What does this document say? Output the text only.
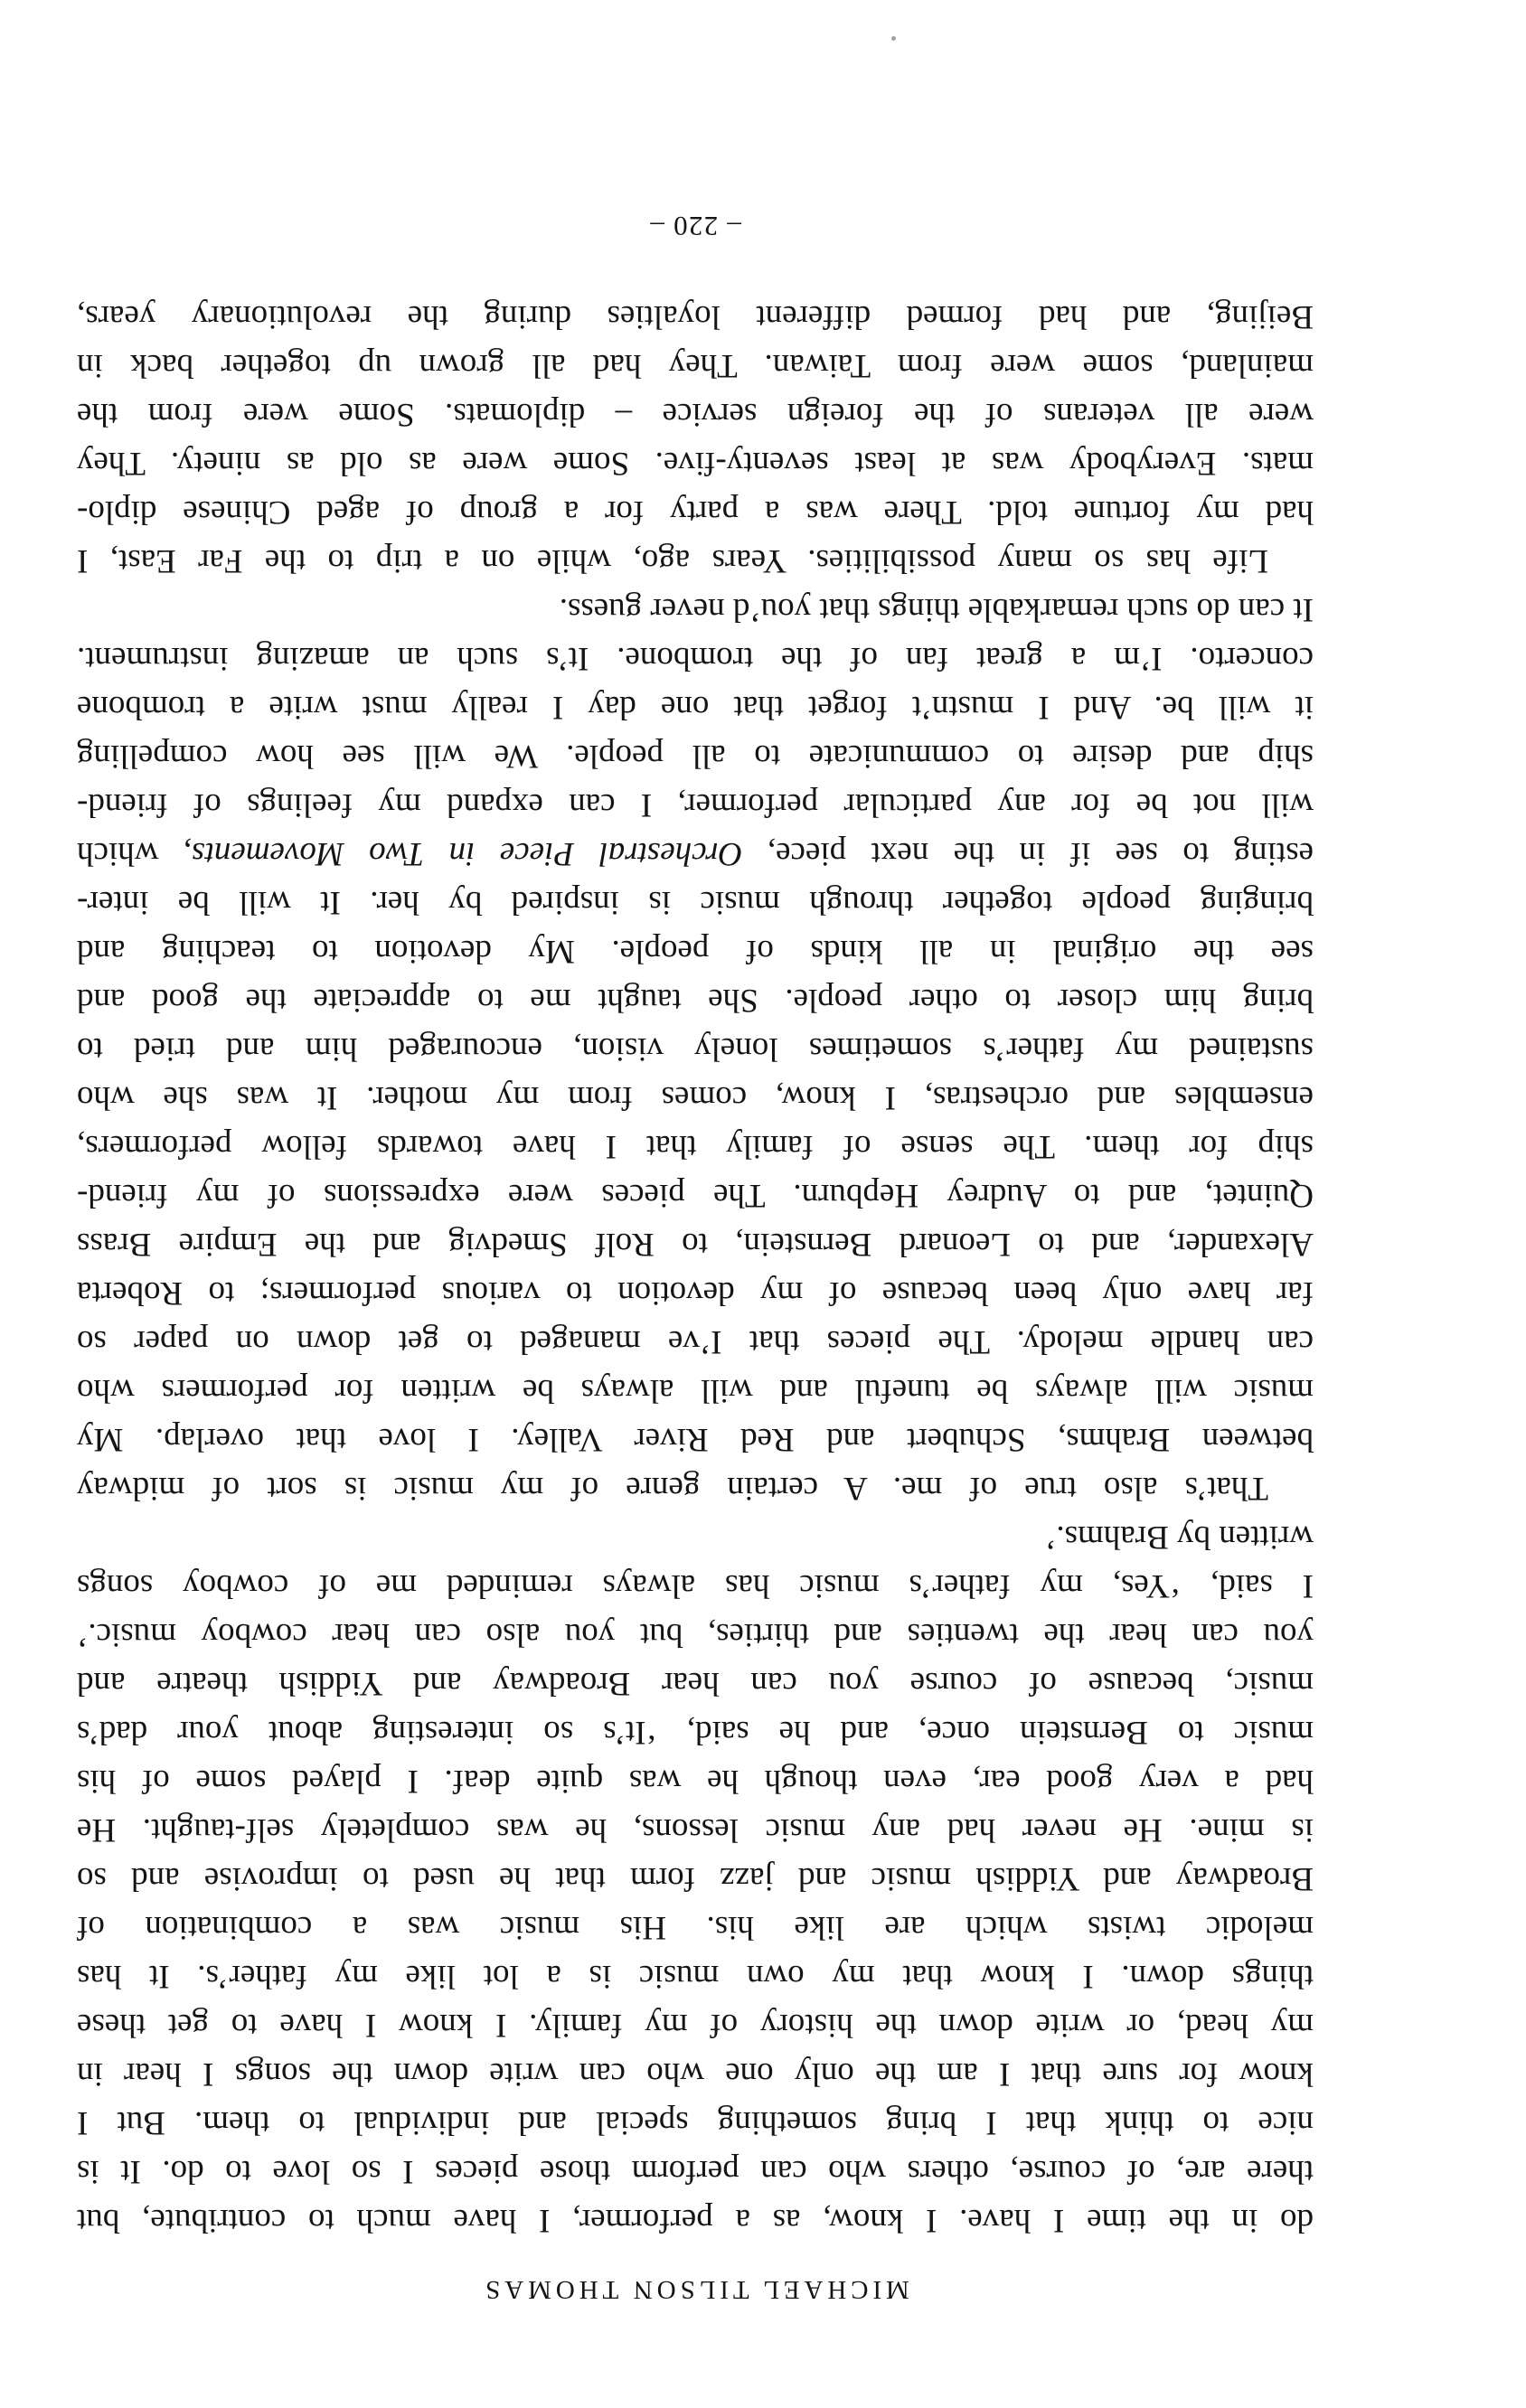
MICHAEL TILSON THOMAS
do in the time I have. I know, as a performer, I have much to contribute, but
there are, of course, others who can perform those pieces I so love to do. It is
nice to think that I bring something special and individual to them. But I
know for sure that I am the only one who can write down the songs I hear in
my head, or write down the history of my family. I know I have to get these
things down. I know that my own music is a lot like my father’s. It has
melodic twists which are like his. His music was a combination of
Broadway and Yiddish music and jazz form that he used to improvise and so
is mine. He never had any music lessons, he was completely self-taught. He
had a very good ear, even though he was quite deaf. I played some of his
music to Bernstein once, and he said, ‘It’s so interesting about your dad’s
music, because of course you can hear Broadway and Yiddish theatre and
you can hear the twenties and thirties, but you also can hear cowboy music.’
I said, ‘Yes, my father’s music has always reminded me of cowboy songs
written by Brahms.’
That’s also true of me. A certain genre of my music is sort of midway
between Brahms, Schubert and Red River Valley. I love that overlap. My
music will always be tuneful and will always be written for performers who
can handle melody. The pieces that I’ve managed to get down on paper so
far have only been because of my devotion to various performers; to Roberta
Alexander, and to Leonard Bernstein, to Rolf Smedvig and the Empire Brass
Quintet, and to Audrey Hepburn. The pieces were expressions of my friend-
ship for them. The sense of family that I have towards fellow performers,
ensembles and orchestras, I know, comes from my mother. It was she who
sustained my father’s sometimes lonely vision, encouraged him and tried to
bring him closer to other people. She taught me to appreciate the good and
see the original in all kinds of people. My devotion to teaching and
bringing people together through music is inspired by her. It will be inter-
esting to see if in the next piece, Orchestral Piece in Two Movements, which
will not be for any particular performer, I can expand my feelings of friend-
ship and desire to communicate to all people. We will see how compelling
it will be. And I mustn’t forget that one day I really must write a trombone
concerto. I’m a great fan of the trombone. It’s such an amazing instrument.
It can do such remarkable things that you’d never guess.
Life has so many possibilities. Years ago, while on a trip to the Far East, I
had my fortune told. There was a party for a group of aged Chinese diplo-
mats. Everybody was at least seventy-five. Some were as old as ninety. They
were all veterans of the foreign service – diplomats. Some were from the
mainland, some were from Taiwan. They had all grown up together back in
Beijing, and had formed different loyalties during the revolutionary years,
– 220 –
